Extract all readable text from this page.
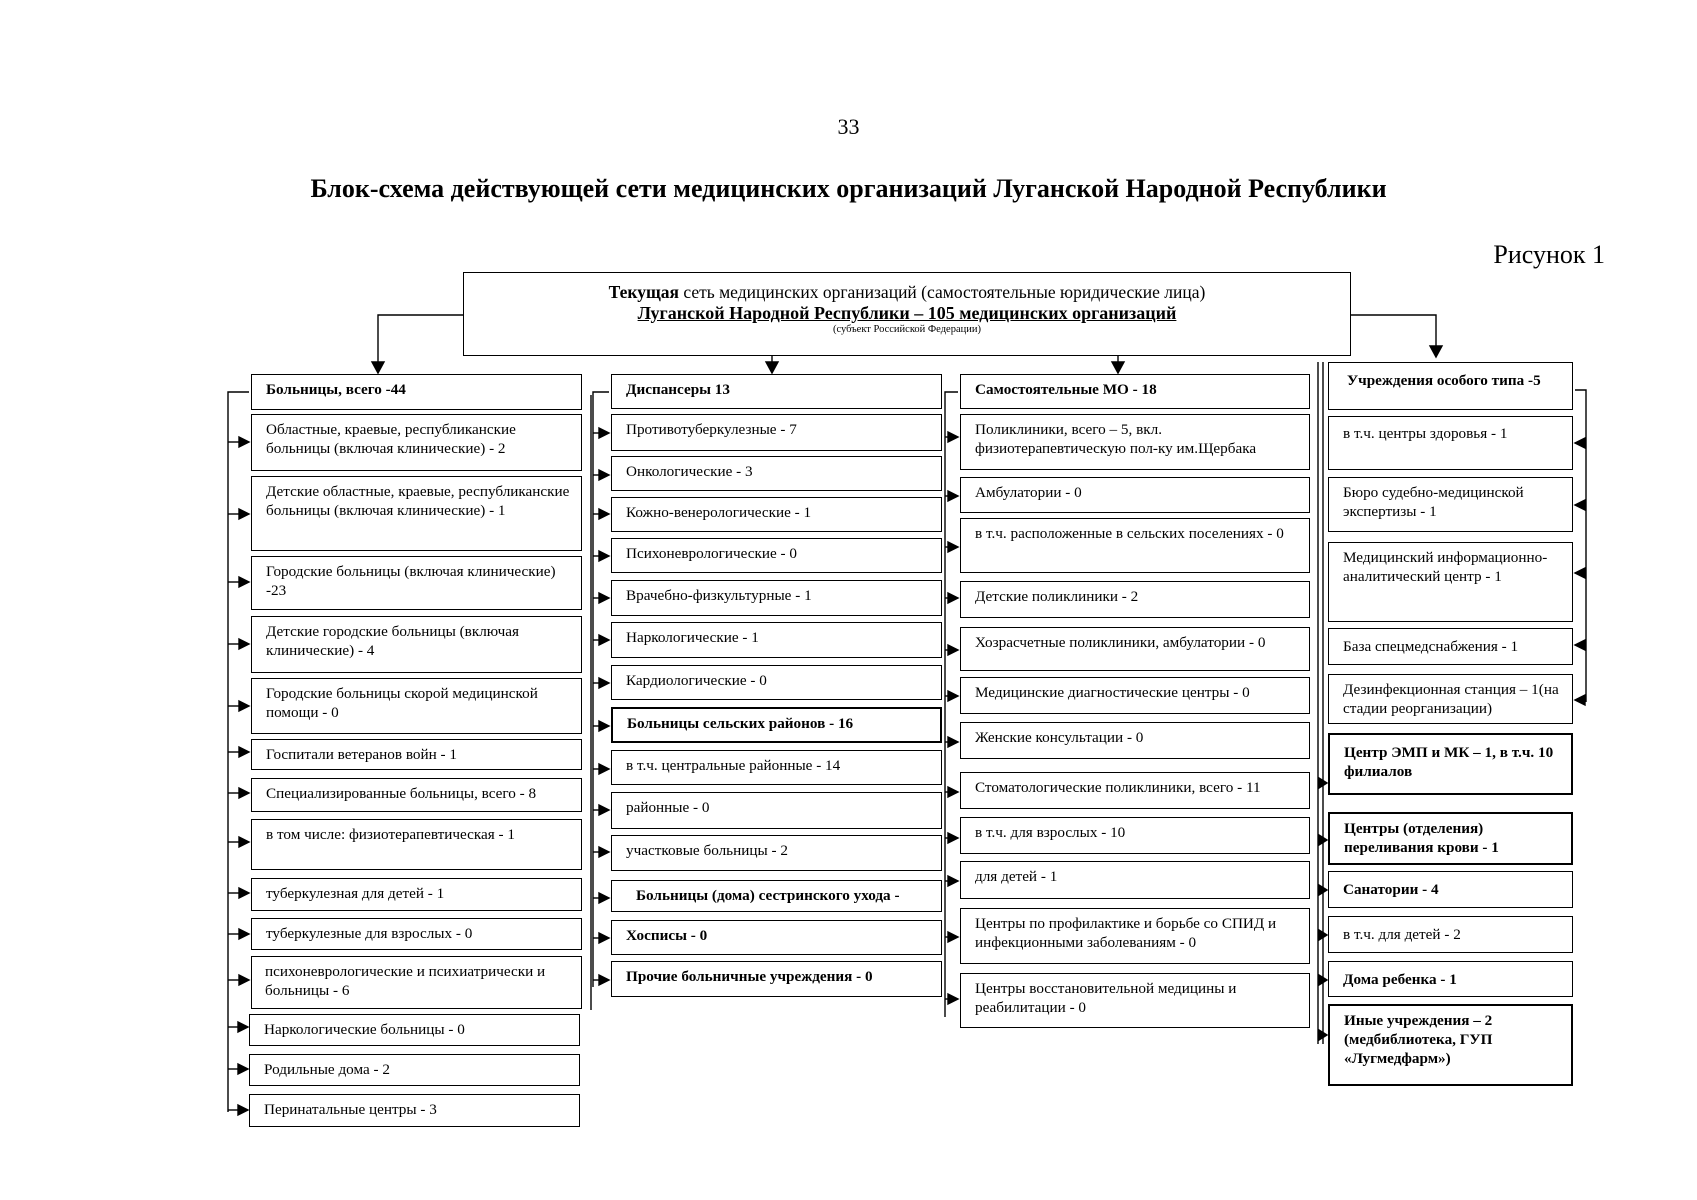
33
Блок-схема действующей сети медицинских организаций Луганской Народной Республики
Рисунок 1
Текущая сеть медицинских организаций (самостоятельные юридические лица)
Луганской Народной Республики – 105 медицинских организаций
(субъект Российской Федерации)
Больницы, всего -44
Областные, краевые, республиканские больницы (включая клинические) - 2
Детские областные, краевые, республиканские больницы (включая клинические) - 1
Городские больницы (включая клинические) -23
Детские городские больницы (включая клинические) - 4
Городские больницы скорой медицинской помощи - 0
Госпитали ветеранов войн - 1
Специализированные больницы, всего - 8
в том числе: физиотерапевтическая - 1
туберкулезная для детей - 1
туберкулезные для взрослых - 0
психоневрологические и психиатрически и больницы - 6
Наркологические больницы - 0
Родильные дома - 2
Перинатальные центры - 3
Диспансеры 13
Противотуберкулезные - 7
Онкологические - 3
Кожно-венерологические - 1
Психоневрологические - 0
Врачебно-физкультурные - 1
Наркологические - 1
Кардиологические - 0
Больницы сельских районов - 16
в т.ч. центральные районные - 14
районные - 0
участковые больницы - 2
Больницы (дома) сестринского ухода -
Хосписы - 0
Прочие больничные учреждения - 0
Самостоятельные МО - 18
Поликлиники, всего – 5, вкл. физиотерапевтическую пол-ку им.Щербака
Амбулатории - 0
в т.ч. расположенные в сельских поселениях - 0
Детские поликлиники - 2
Хозрасчетные поликлиники, амбулатории - 0
Медицинские диагностические центры - 0
Женские консультации - 0
Стоматологические поликлиники, всего - 11
в т.ч. для взрослых - 10
для детей - 1
Центры по профилактике и борьбе со СПИД и инфекционными заболеваниям - 0
Центры восстановительной медицины и реабилитации - 0
Учреждения особого типа -5
в т.ч. центры здоровья - 1
Бюро судебно-медицинской экспертизы - 1
Медицинский информационно-аналитический центр - 1
База спецмедснабжения - 1
Дезинфекционная станция – 1(на стадии реорганизации)
Центр ЭМП и МК – 1, в т.ч. 10 филиалов
Центры (отделения) переливания крови - 1
Санатории - 4
в т.ч. для детей - 2
Дома ребенка - 1
Иные учреждения – 2 (медбиблиотека, ГУП «Лугмедфарм»)
